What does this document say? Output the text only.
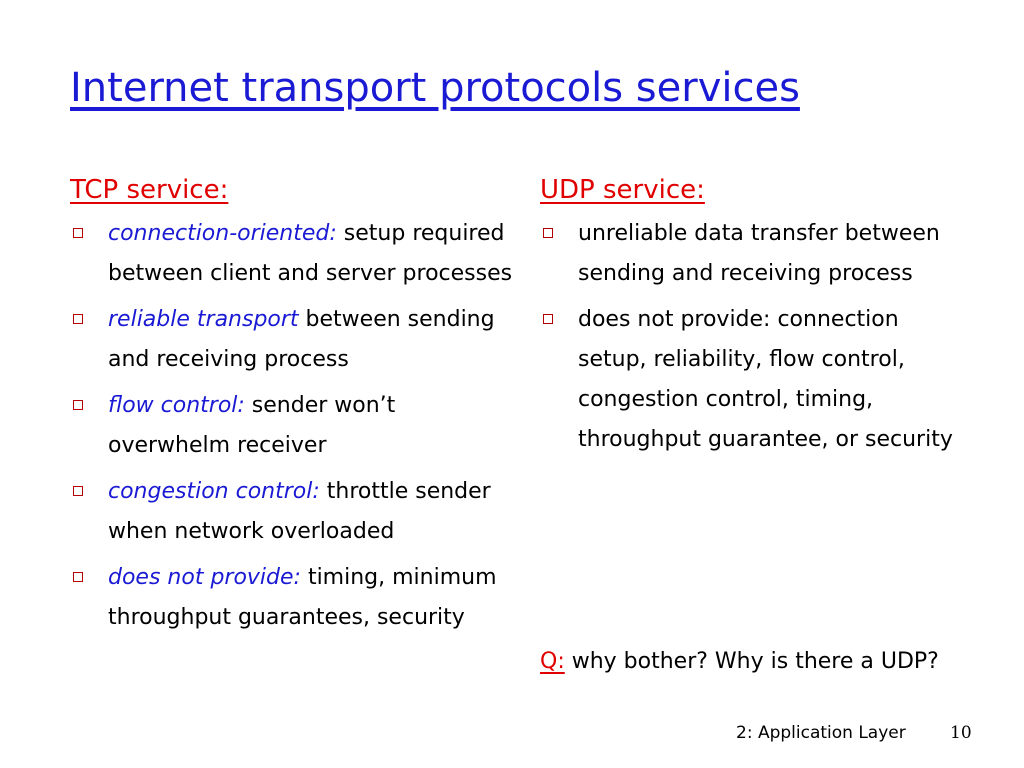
Internet transport protocols services
TCP service:
connection-oriented: setup required between client and server processes
reliable transport between sending and receiving process
flow control: sender won’t overwhelm receiver
congestion control: throttle sender when network overloaded
does not provide: timing, minimum throughput guarantees, security
UDP service:
unreliable data transfer between sending and receiving process
does not provide: connection setup, reliability, flow control, congestion control, timing, throughput guarantee, or security
Q: why bother? Why is there a UDP?
2: Application Layer	10
